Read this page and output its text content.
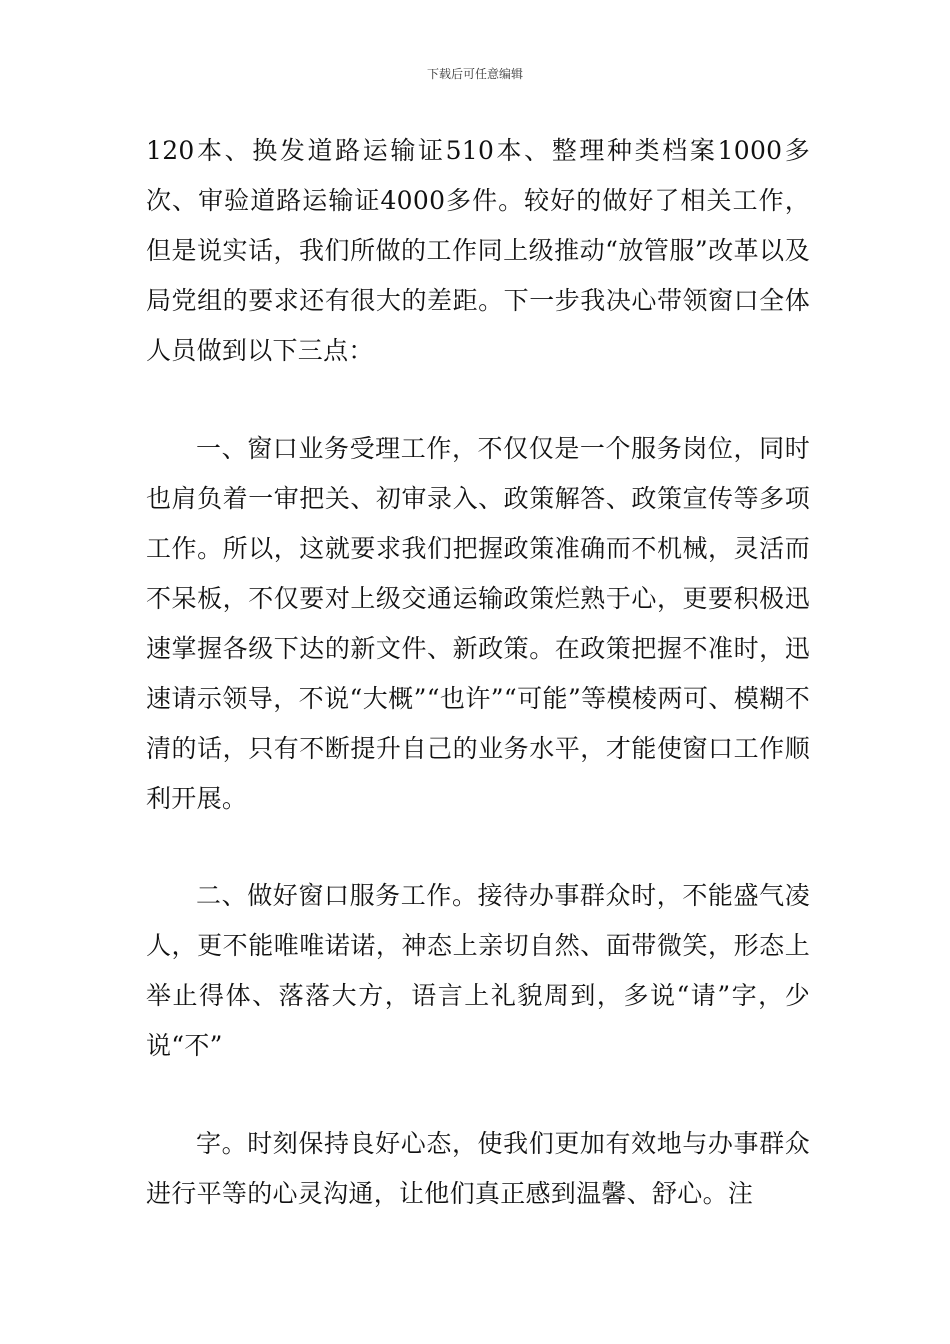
下载后可任意编辑

120本、换发道路运输证510本、整理种类档案1000多次、审验道路运输证4000多件。较好的做好了相关工作，但是说实话，我们所做的工作同上级推动“放管服”改革以及局党组的要求还有很大的差距。下一步我决心带领窗口全体人员做到以下三点：

一、窗口业务受理工作，不仅仅是一个服务岗位，同时也肩负着一审把关、初审录入、政策解答、政策宣传等多项工作。所以，这就要求我们把握政策准确而不机械，灵活而不呆板，不仅要对上级交通运输政策烂熟于心，更要积极迅速掌握各级下达的新文件、新政策。在政策把握不准时，迅速请示领导，不说“大概”“也许”“可能”等模棱两可、模糊不清的话，只有不断提升自己的业务水平，才能使窗口工作顺利开展。

二、做好窗口服务工作。接待办事群众时，不能盛气凌人，更不能唯唯诺诺，神态上亲切自然、面带微笑，形态上举止得体、落落大方，语言上礼貌周到，多说“请”字，少说“不”

字。时刻保持良好心态，使我们更加有效地与办事群众进行平等的心灵沟通，让他们真正感到温馨、舒心。注
